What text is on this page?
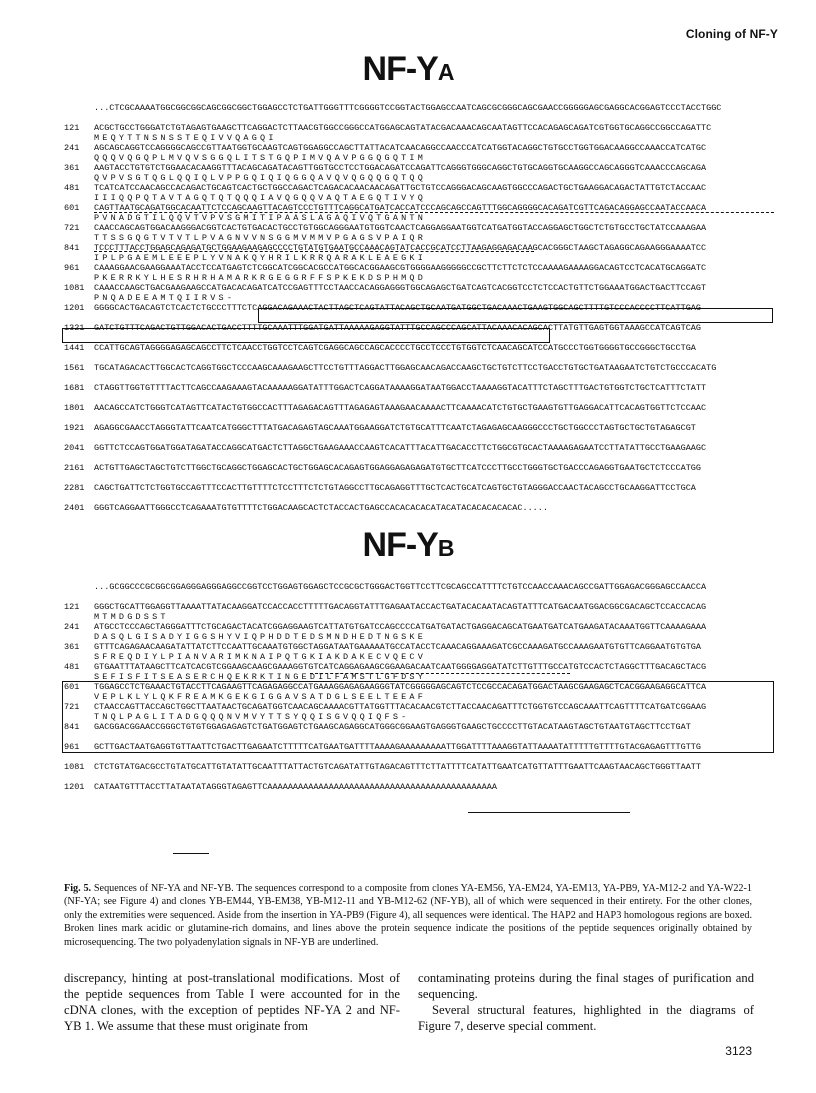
Cloning of NF-Y
NF-YA
...CTCGCAAAATGGCGGCGGCAGCGGCGGCTGGAGCCTCTGATTGGGTTTCGGGGTCCGGTACTGGAGCCAATCAGCGCGGGCAGCGAACCGGGGGAGCGAGGCACGGAGTCCCTACCTGGC
121 ACGCTGCCTGGGATCTGTAGAGTGAAGCTTCAGGACTCTTAACGTGGCCGGGCCATGGAGCAGTATACGACAAACAGCAATAGTTCCACAGAGCAGATCGTGGTGCAGGCCGGCCAGATTC
MEQYTTNSNSSTEQIVVQAGQI
241 AGCAGCAGGTCCAGGGGCAGCCGTTAATGGTGCAAGTCAGTGGAGGCCAGCTTATTACATCAACAGGCCAACCCATCATGGTACAGGCTGTGCCTGGTGGACAAGGCCAAACCATCATGC
QQQVQGQPLMVQVSGGQLITSTGQPIMVQAVPGGQGQTIM
361 AAGTACCTGTGTCTGGAACACAAGGTTTACAGCAGATACAGTTGGTGCCTCCTGGACAGATCCAGATTCAGGGTGGGCAGGCTGTGCAGGTGCAAGGCCAGCAGGGTCAAACCCAGCAGA
QVPVSGTQGLQQIQLVPPGQIQIQGGQAVQVQGQQGQTQQ
481 TCATCATCCAACAGCCACAGACTGCAGTCACTGCTGGCCAGACTCAGACACAACAACAGATTGCTGTCCAGGGACAGCAAGTGGCCCAGACTGCTGAAGGACAGACTATTGTCTACCAAC
IIIQQPQTAVTAGQTQTQQQIAVQGQQVAQTAEGQTIVYQ
601 CAGTTAATGCAGATGGCACAATTCTCCAGCAAGTTACAGTCCCTGTTTCAGGCATGATCACCATCCCAGCAGCCAGTTTGGCAGGGGCACAGATCGTTCAGACAGGAGCCAATACCAACA
PVNADGTILQQVTVPVSGMITIPAASLAGAQIVQTGANTN
721 CAACCAGCAGTGGACAAGGGACGGTCACTGTGACACTGCCTGTGGCAGGGAATGTGGTCAACTCAGGAGGAATGGTCATGATGGTACCAGGAGCTGGCTCTGTGCCTGCTATCCAAAGAA
TTSSGQGTVTVTLPVAGNVVNSGGMVMMVPGAGSVPAIQR
841 TCCCTTTACCTGGAGCAGAGATGCTGGAAGAAGAGCCCCTGTATGTGAATGCCAAACAGTATCACCGCATCCTTAAGAGGAGACAAGCACGGGCTAAGCTAGAGGCAGAAGGGAAAATCC
IPLPGAEMLEEEPLYVNAKQYHRILKRRQARAKLEAEGKI
961 CAAAGGAACGAAGGAAATACCTCCATGAGTCTCGGCATCGGCACGCCATGGCACGGAAGCGTGGGGAAGGGGGCCGCTTCTTCTCTCCAAAAGAAAAGGACAGTCCTCACATGCAGGATC
PKERRKYLHESRHRHAMARKRGEGGRFFSPKEKDSPHMQD
1081 CAAACCAAGCTGACGAAGAAGCCATGACACAGATCATCCGAGTTTCCTAACCACAGGAGGGTGGCAGAGCTGATCAGTCACGGTCCTCTCCACTGTTCTGGAAATGGACTGACTTCCAGT
PNQADEEAMTQIIRVS-
1201 GGGGCACTGACAGTCTCACTCTGCCCTTTCTCAGGACAGAAACTACTTAGCTCAGTATTACAGCTGCAATGATGGCTGACAAACTGAAGTGGCAGCTTTTGTCCCACCCCTTCATTGAG
1321 GATCTGTTTCAGACTGTTGGACACTGACCTTTTGCAAATTTGGATGATTAAAAAGAGGTATTTGCCAGCCCAGCATTACAAACACAGCACTTATGTTGAGTGGTAAAGCCATCAGTCAG
1441 CCATTGCAGTAGGGGAGAGCAGCCTTCTCAACCTGGTCCTCAGTCGAGGCAGCCAGCACCCCTGCCTCCCTGTGGTCTCAACAGCATCCATGCCCTGGTGGGGTGCCGGGCTGCCTGA
1561 TGCATAGACACTTGGCACTCAGGTGGCTCCCAAGCAAAGAAGCTTCCTGTTTAGGACTTGGAGCAACAGACCAAGCTGCTGTCTTCCTGACCTGTGCTGATAAGAATCTGTCTGCCCACATG
1681 CTAGGTTGGTGTTTTACTTCAGCCAAGAAAGTACAAAAAGGATATTTGGACTCAGGATAAAAGGATAATGGACCTAAAAGGTACATTTCTAGCTTTGACTGTGGTCTGCTCATTTCTATT
1801 AACAGCCATCTGGGTCATAGTTCATACTGTGGCCACTTTAGAGACAGTTTAGAGAGTAAAGAACAAAACTTCAAAACATCTGTGCTGAAGTGTTGAGGACATTCACAGTGGTTCTCCAAC
1921 AGAGGCGAACCTAGGGTATTCAATCATGGGCTTTATGACAGAGTAGCAAATGGAAGGATCTGTGCATTTCAATCTAGAGAGCAAGGGCCCTGCTGGCCCTAGTGCTGCTGTAGAGCGT
2041 GGTTCTCCAGTGGATGGATAGATACCAGGCATGACTCTTAGGCTGAAGAAACCAAGTCACATTTACATTGACACCTTCTGGCGTGCACTAAAAGAGAATCCTTATATTGCCTGAAGAAGC
2161 ACTGTTGAGCTAGCTGTCTTGGCTGCAGGCTGGAGCACTGCTGGAGCACAGAGTGGAGGAGAGAGATGTGCTTCATCCCTTGCCTGGGTGCTGACCCAGAGGTGAATGCTCTCCCATGG
2281 CAGCTGATTCTCTGGTGCCAGTTTCCACTTGTTTTCTCCTTTCTCTGTAGGCCTTGCAGAGGTTTGCTCACTGCATCAGTGCTGTAGGGACCAACTACAGCCTGCAAGGATTCCTGCA
2401 GGGTCAGGAATTGGGCCTCAGAAATGTGTTTTCTGGACAAGCACTCTACCACTGAGCCACACACACATACATACACACACACAC.....
NF-YB
...GCGGCCCGCGGCGGAGGGAGGGAGGCCGGTCCTGGAGTGGAGCTCCGCGCTGGGACTGGTTCCTTCGCAGCCATTTTCTGTCCAACCAAACAGCCGATTGGAGACGGGAGCCAACCA
121 GGGCTGCATTGGAGGTTAAAATTATACAAGGATCCACCACCTTTTTGACAGGTATTTGAGAATACCACTGATACACAATACAGTATTTCATGACAATGGACGGCGACAGCTCCACCACAG
MTMDGDSST
241 ATGCCTCCCAGCTAGGGATTTCTGCAGACTACATCGGAGGAAGTCATTATGTGATCCAGCCCCATGATGATACTGAGGACAGCATGAATGATCATGAAGATACAAATGGTTCAAAAGAAA
DASQLGISADYIGGSHYVIQPHDDTEDSMNDHEDTNGSKE
361 GTTTCAGAGAACAAGATATTATCTTCCAATTGCAAATGTGGCTAGGATAATGAAAAATGCCATACCTCAAACAGGAAAGATCGCCAAAGATGCCAAAGAATGTGTTCAGGAATGTGTGA
SFREQDIYLPIANVARIMKNAIPQTGKIAKDAKECVQECV
481 GTGAATTTATAAGCTTCATCACGTCGGAAGCAAGCGAAAGGTGTCATCAGGAGAAGCGGAAGACAATCAATGGGGAGGATATCTTGTTTGCCATGTCCACTCTAGGCTTTGACAGCTACG
SEFISFITSEASERCHQEKRKTINGEDILFAMSTLGFDSY
601 TGGAGCCTCTGAAACTGTACCTTCAGAAGTTCAGAGAGGCCATGAAAGGAGAGAAGGGTATCGGGGGAGCAGTCTCCGCCACAGATGGACTAAGCGAAGAGCTCACGGAAGAGGCATTCA
VEPLKLYLQKFREAMKGEKGIGGAVSATDGLSEELTEEAF
721 CTAACCAGTTACCAGCTGGCTTAATAACTGCAGATGGTCAACAGCAAAACGTTATGGTTTACACAACGTCTTACCAACAGATTTCTGGTGTCCAGCAAATTCAGTTTTCATGATCGGAAG
TNQLPAGLITADGQQQNVMVYTTSYQQISGVQQIQFS-
841 GACGGACGGAACCGGGCTGTGTGGAGAGAGTCTGATGGAGTCTGAAGCAGAGGCATGGGCGGAAGTGAGGGTGAAGCTGCCCCTTGTACATAAGTAGCTGTAATGTAGCTTCCTGAT
961 GCTTGACTAATGAGGTGTTAATTCTGACTTGAGAATCTTTTTCATGAATGATTTTAAAAGAAAAAAAAATTGGATTTTAAAGGTATTAAAATATTTTTGTTTTGTACGAGAGTTTGTTG
1081 CTCTGTATGACGCCTGTATGCATTGTATATTGCAATTTATTACTGTCAGATATTGTAGACAGTTTCTTATTTTCATATTGAATCATGTTATTTGAATTCAAGTAACAGCTGGGTTAATT
1201 CATAATGTTTACCTTATAATATAGGGTAGAGTTCAAAAAAAAAAAAAAAAAAAAAAAAAAAAAAAAAAAAAAAAAAAAA
Fig. 5. Sequences of NF-YA and NF-YB. The sequences correspond to a composite from clones YA-EM56, YA-EM24, YA-EM13, YA-PB9, YA-M12-2 and YA-W22-1 (NF-YA; see Figure 4) and clones YB-EM44, YB-EM38, YB-M12-11 and YB-M12-62 (NF-YB), all of which were sequenced in their entirety. For the other clones, only the extremities were sequenced. Aside from the insertion in YA-PB9 (Figure 4), all sequences were identical. The HAP2 and HAP3 homologous regions are boxed. Broken lines mark acidic or glutamine-rich domains, and lines above the protein sequence indicate the positions of the peptide sequences originally obtained by microsequencing. The two polyadenylation signals in NF-YB are underlined.

discrepancy, hinting at post-translational modifications. Most of the peptide sequences from Table I were accounted for in the cDNA clones, with the exception of peptides NF-YA 2 and NF-YB 1. We assume that these must originate from

contaminating proteins during the final stages of purification and sequencing.

Several structural features, highlighted in the diagrams of Figure 7, deserve special comment.

3123
